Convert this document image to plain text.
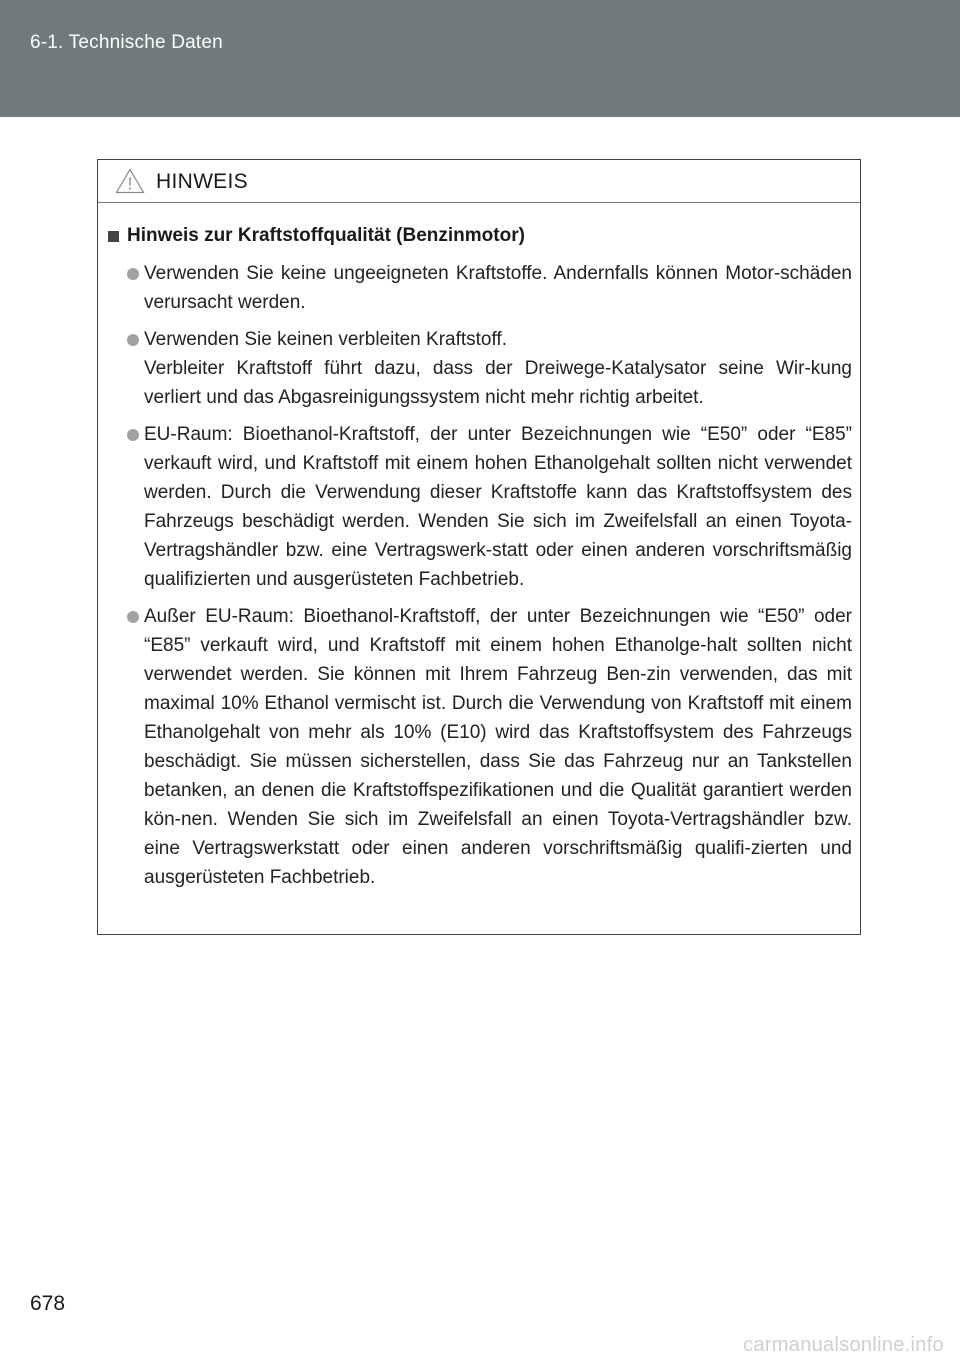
6-1. Technische Daten
HINWEIS
Hinweis zur Kraftstoffqualität (Benzinmotor)

Verwenden Sie keine ungeeigneten Kraftstoffe. Andernfalls können Motor-schäden verursacht werden.

Verwenden Sie keinen verbleiten Kraftstoff.

Verbleiter Kraftstoff führt dazu, dass der Dreiwege-Katalysator seine Wir-kung verliert und das Abgasreinigungssystem nicht mehr richtig arbeitet.

EU-Raum: Bioethanol-Kraftstoff, der unter Bezeichnungen wie “E50” oder “E85” verkauft wird, und Kraftstoff mit einem hohen Ethanolgehalt sollten nicht verwendet werden. Durch die Verwendung dieser Kraftstoffe kann das Kraftstoffsystem des Fahrzeugs beschädigt werden. Wenden Sie sich im Zweifelsfall an einen Toyota-Vertragshändler bzw. eine Vertragswerk-statt oder einen anderen vorschriftsmäßig qualifizierten und ausgerüsteten Fachbetrieb.

Außer EU-Raum: Bioethanol-Kraftstoff, der unter Bezeichnungen wie “E50” oder “E85” verkauft wird, und Kraftstoff mit einem hohen Ethanolge-halt sollten nicht verwendet werden. Sie können mit Ihrem Fahrzeug Ben-zin verwenden, das mit maximal 10% Ethanol vermischt ist. Durch die Verwendung von Kraftstoff mit einem Ethanolgehalt von mehr als 10% (E10) wird das Kraftstoffsystem des Fahrzeugs beschädigt. Sie müssen sicherstellen, dass Sie das Fahrzeug nur an Tankstellen betanken, an denen die Kraftstoffspezifikationen und die Qualität garantiert werden kön-nen. Wenden Sie sich im Zweifelsfall an einen Toyota-Vertragshändler bzw. eine Vertragswerkstatt oder einen anderen vorschriftsmäßig qualifi-zierten und ausgerüsteten Fachbetrieb.

678
carmanualsonline.info
